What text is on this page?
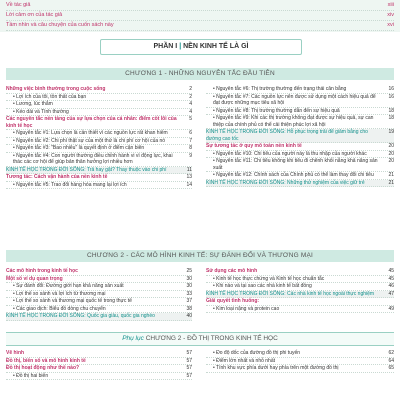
Về tác giả	xiii
Lời cảm ơn của tác giả	xiv
Tầm nhìn và câu chuyện của cuốn sách này	xvi
PHẦN I | NỀN KINH TẾ LÀ GÌ
CHƯƠNG 1 - NHỮNG NGUYÊN TẮC ĐẦU TIÊN
Những việc bình thường trong cuộc sống	2
• Lợi ích của tôi, tồn thất của bạn	2
• Lương, lúc thắm	4
• Kéo dài và Tình thường	4
Các nguyên tắc nền tảng của sự lựa chọn của cá nhân: điểm cốt lõi của kinh tế học
5
• Nguyên tắc #1: Lựa chọn là cần thiết vì các nguồn lực rất khan hiếm	6
• Nguyên tắc #2: Chi phí thật sự của một thứ là chi phí cơ hội của nó	7
• Nguyên tắc #3: "Bao nhiêu" là quyết định ở điểm cận biên	8
• Nguyên tắc #4: Con người thường điều chỉnh hành vi vì động lực, khai thác các cơ hội để giúp bản thân hưởng lợi nhiều hơn
9
KINH TẾ HỌC TRONG ĐỜI SỐNG: Trả hay gặt? Thay thuộc vào chi phí	11
Tương tác: Cách vận hành của nền kinh tế	13
• Nguyên tắc #5: Trao đổi hàng hóa mang lại lợi ích	14
• Nguyên tắc #6: Thị trường thường đến trạng thái cân bằng	16
• Nguyên tắc #7: Các nguồn lực nên được sử dụng một cách hiệu quả để đạt được những mục tiêu xã hội
16
• Nguyên tắc #8: Thị trường thường dẫn đến sự hiệu quả	18
• Nguyên tắc #9: Khi các thị trường không đạt được sự hiệu quả, sự can thiệp của chính phủ có thể cải thiện phúc lợi xã hội
18
KINH TẾ HỌC TRONG ĐỜI SỐNG: Hỗ phục trọng trải để giảm bằng cho đường cao tốc
19
Sự tương tác ở quy mô toàn nền kinh tế	20
• Nguyên tắc #10: Chi tiêu của người này là thu nhập của người khác	20
• Nguyên tắc #11: Chi tiêu không khi tiêu đi chênh khối nằng khả năng sản xuất
20
• Nguyên tắc #12: Chính sách của Chính phủ có thể làm thay đổi chi tiêu	21
KINH TẾ HỌC TRONG ĐỜI SỐNG: Những thử nghiệm của việc giữ trẻ	21
CHƯƠNG 2 - CÁC MÔ HÌNH KINH TẾ: SỰ ĐÁNH ĐỔI VÀ THƯƠNG MẠI
Các mô hình trong kinh tế học	25
Một số ví dụ quan trọng	30
• Sự đánh đổi: Đường giới hạn khả năng sản xuất	30
• Lợi thế so sánh và lợi ích từ thương mại	33
• Lợi thế so sánh và thương mại quốc tế trong thực tế	37
• Các giao dịch: Biểu đồ dòng chu chuyển	38
KINH TẾ HỌC TRONG ĐỜI SỐNG: Quốc gia giàu, quốc gia nghèo	40
Sử dụng các mô hình	45
• Kinh tế học thực chứng và Kinh tế học chuẩn tắc	45
• Khi nào và tại sao các nhà kinh tế bất đồng	46
KINH TẾ HỌC TRONG ĐỜI SỐNG: Các nhà kinh tế học ngoài thực nghiệm	47
Giải quyết tình huống:
• Kim loại nặng và protein cao	49
Phụ lục CHƯƠNG 2 - ĐỒ THỊ TRONG KINH TẾ HỌC
Vẽ hình	57
Đồ thị, biến số và mô hình kinh tế	57
Đồ thị hoạt động như thế nào?	57
• Đồ thị hai biến	57
• Đo độ dốc của đường đồ thị phi tuyến	62
• Điểm lớn nhất và nhỏ nhất	64
• Tính khu vực phía dưới hay phía trên một đường đồ thị	65
